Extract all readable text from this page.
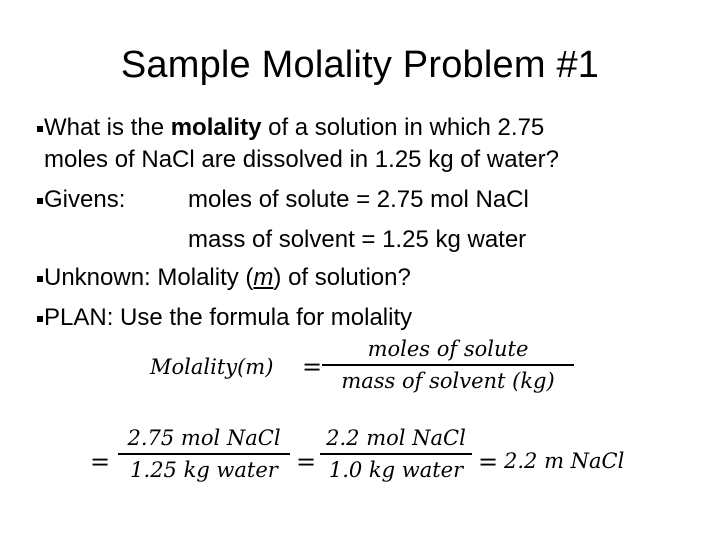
Sample Molality Problem #1
What is the molality of a solution in which 2.75
moles of NaCl are dissolved in 1.25 kg of water?
Givens:	moles of solute = 2.75 mol NaCl
mass of solvent = 1.25 kg water
Unknown: Molality (m) of solution?
PLAN: Use the formula for molality
Molality(m) =
moles of solute
mass of solvent (kg)
=
2.75 mol NaCl
1.25 kg water =
2.2 mol NaCl
1.0 kg water = 2.2 m NaCl
